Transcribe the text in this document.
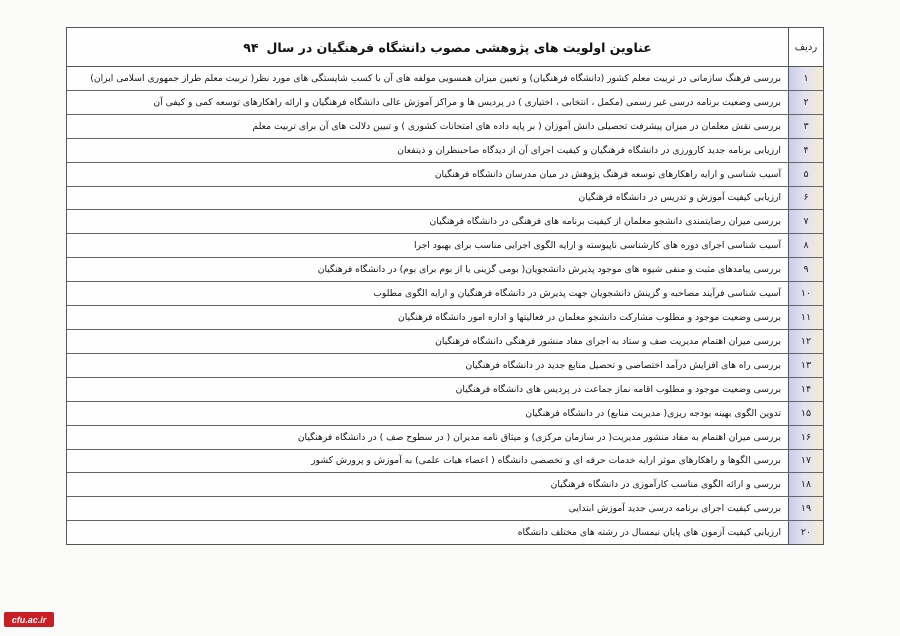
رديف
عناوين اولويت های پژوهشی مصوب دانشگاه فرهنگيان در سال
۹۴
۱
بررسی فرهنگ سازمانی در تربيت معلم كشور (دانشگاه فرهنگيان) و تعيين ميزان همسويی مولفه های آن با كسب شايستگی های مورد نظر( تربيت معلم طراز جمهوری اسلامی ايران)
۲
بررسی وضعيت برنامه درسی غير رسمی (مكمل ، انتخابی ، اختياری ) در پرديس ها و مراكز آموزش عالی دانشگاه فرهنگيان و ارائه راهكارهای توسعه كمی و كيفی آن
۳
بررسی نقش معلمان در ميزان پيشرفت تحصيلی دانش آموزان ( بر پايه داده های امتحانات كشوری ) و تبيين دلالت های آن برای تربيت معلم
۴
ارزيابی برنامه جديد كارورزی در دانشگاه فرهنگيان و كيفيت اجرای آن از ديدگاه صاحبنظران و ذينفعان
۵
آسيب شناسی و ارايه راهكارهای توسعه فرهنگ پژوهش در ميان مدرسان دانشگاه فرهنگيان
۶
ارزيابی كيفيت آموزش و تدريس در دانشگاه فرهنگيان
۷
بررسی ميزان رضايتمندی دانشجو معلمان از كيفيت برنامه های فرهنگی در دانشگاه فرهنگيان
۸
آسيب شناسی اجرای دوره های كارشناسی ناپيوسته و ارايه الگوی اجرايی مناسب برای بهبود اجرا
۹
بررسی پيامدهای مثبت و منفی شيوه های موجود پذيرش دانشجويان( بومی گزينی يا از بوم برای بوم) در دانشگاه فرهنگيان
۱۰
آسيب شناسی فرآيند مصاحبه و گزينش دانشجويان جهت پذيرش در دانشگاه فرهنگيان و ارايه الگوی مطلوب
۱۱
بررسی وضعيت موجود و مطلوب مشاركت دانشجو معلمان در فعاليتها و اداره امور دانشگاه فرهنگيان
۱۲
بررسی ميزان اهتمام مديريت صف و ستاد به اجرای مفاد منشور فرهنگی دانشگاه فرهنگيان
۱۳
بررسی راه های افزايش درآمد اختصاصی و تحصيل منابع جديد در دانشگاه فرهنگيان
۱۴
بررسی وضعيت موجود و مطلوب اقامه نماز جماعت در پرديس های دانشگاه فرهنگيان
۱۵
تدوين الگوی بهينه بودجه ريزی( مديريت منابع) در دانشگاه فرهنگيان
۱۶
بررسی ميزان اهتمام به مفاد منشور مديريت( در سازمان مركزی) و ميثاق نامه مديران ( در سطوح صف ) در دانشگاه فرهنگيان
۱۷
بررسی الگوها و راهكارهای موثر ارايه خدمات حرفه ای و تخصصی دانشگاه ( اعضاء هيات علمی) به آموزش و پرورش كشور
۱۸
بررسی و ارائه الگوی مناسب كارآموزی در دانشگاه فرهنگيان
۱۹
بررسی كيفيت اجرای برنامه درسی جديد آموزش ابتدايی
۲۰
ارزيابی كيفيت آزمون های پايان نيمسال در رشته های مختلف دانشگاه
cfu.ac.ir
